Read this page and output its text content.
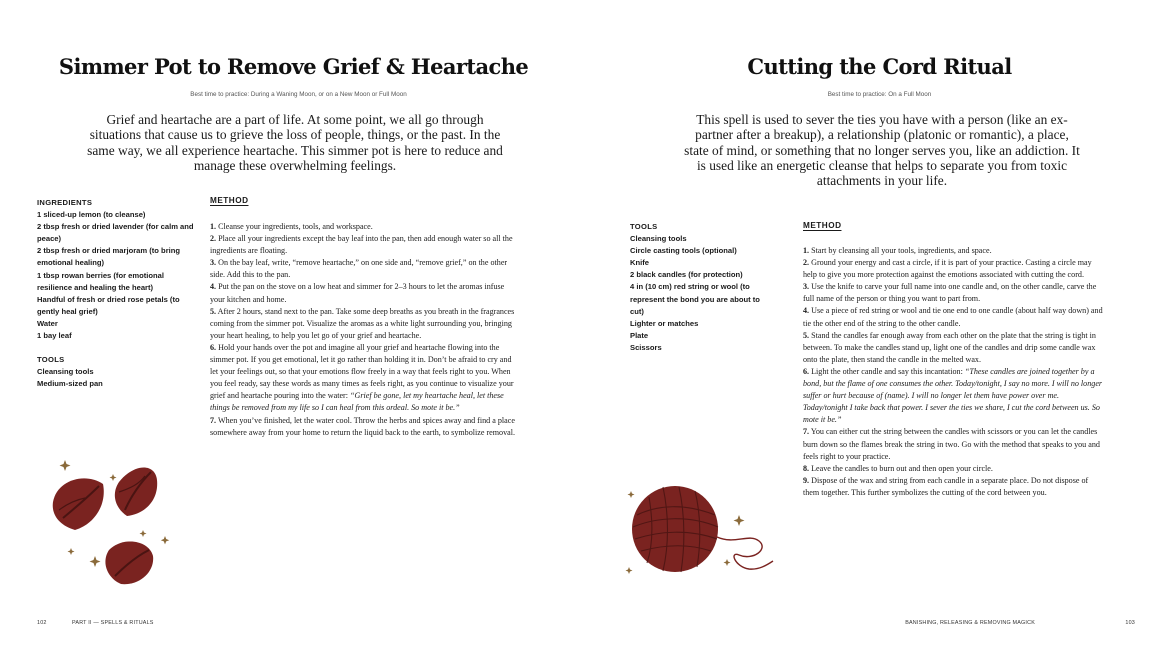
Simmer Pot to Remove Grief & Heartache
Best time to practice: During a Waning Moon, or on a New Moon or Full Moon

Grief and heartache are a part of life. At some point, we all go through situations that cause us to grieve the loss of people, things, or the past. In the same way, we all experience heartache. This simmer pot is here to reduce and manage these overwhelming feelings.

INGREDIENTS
1 sliced-up lemon (to cleanse)
2 tbsp fresh or dried lavender (for calm and peace)
2 tbsp fresh or dried marjoram (to bring emotional healing)
1 tbsp rowan berries (for emotional resilience and healing the heart)
Handful of fresh or dried rose petals (to gently heal grief)
Water
1 bay leaf
TOOLS
Cleansing tools
Medium-sized pan
METHOD
1. Cleanse your ingredients, tools, and workspace.
2. Place all your ingredients except the bay leaf into the pan, then add enough water so all the ingredients are floating.
3. On the bay leaf, write, “remove heartache,” on one side and, “remove grief,” on the other side. Add this to the pan.
4. Put the pan on the stove on a low heat and simmer for 2–3 hours to let the aromas infuse your kitchen and home.
5. After 2 hours, stand next to the pan. Take some deep breaths as you breath in the fragrances coming from the simmer pot. Visualize the aromas as a white light surrounding you, bringing your heart healing, to help you let go of your grief and heartache.
6. Hold your hands over the pot and imagine all your grief and heartache flowing into the simmer pot. If you get emotional, let it go rather than holding it in. Don’t be afraid to cry and let your feelings out, so that your emotions flow freely in a way that feels right to you. When you feel ready, say these words as many times as feels right, as you continue to visualize your grief and heartache pouring into the water: “Grief be gone, let my heartache heal, let these things be removed from my life so I can heal from this ordeal. So mote it be.”
7. When you’ve finished, let the water cool. Throw the herbs and spices away and find a place somewhere away from your home to return the liquid back to the earth, to symbolize removal.
102	PART II — SPELLS & RITUALS
Cutting the Cord Ritual
Best time to practice: On a Full Moon

This spell is used to sever the ties you have with a person (like an ex-partner after a breakup), a relationship (platonic or romantic), a place, state of mind, or something that no longer serves you, like an addiction. It is used like an energetic cleanse that helps to separate you from toxic attachments in your life.

TOOLS
Cleansing tools
Circle casting tools (optional)
Knife
2 black candles (for protection)
4 in (10 cm) red string or wool (to represent the bond you are about to cut)
Lighter or matches
Plate
Scissors
METHOD
1. Start by cleansing all your tools, ingredients, and space.
2. Ground your energy and cast a circle, if it is part of your practice. Casting a circle may help to give you more protection against the emotions associated with cutting the cord.
3. Use the knife to carve your full name into one candle and, on the other candle, carve the full name of the person or thing you want to part from.
4. Use a piece of red string or wool and tie one end to one candle (about half way down) and tie the other end of the string to the other candle.
5. Stand the candles far enough away from each other on the plate that the string is tight in between. To make the candles stand up, light one of the candles and drip some candle wax onto the plate, then stand the candle in the melted wax.
6. Light the other candle and say this incantation: “These candles are joined together by a bond, but the flame of one consumes the other. Today/tonight, I say no more. I will no longer suffer or hurt because of (name). I will no longer let them have power over me. Today/tonight I take back that power. I sever the ties we share, I cut the cord between us. So mote it be.”
7. You can either cut the string between the candles with scissors or you can let the candles burn down so the flames break the string in two. Go with the method that speaks to you and feels right to your practice.
8. Leave the candles to burn out and then open your circle.
9. Dispose of the wax and string from each candle in a separate place. Do not dispose of them together. This further symbolizes the cutting of the cord between you.
BANISHING, RELEASING & REMOVING MAGICK	103
